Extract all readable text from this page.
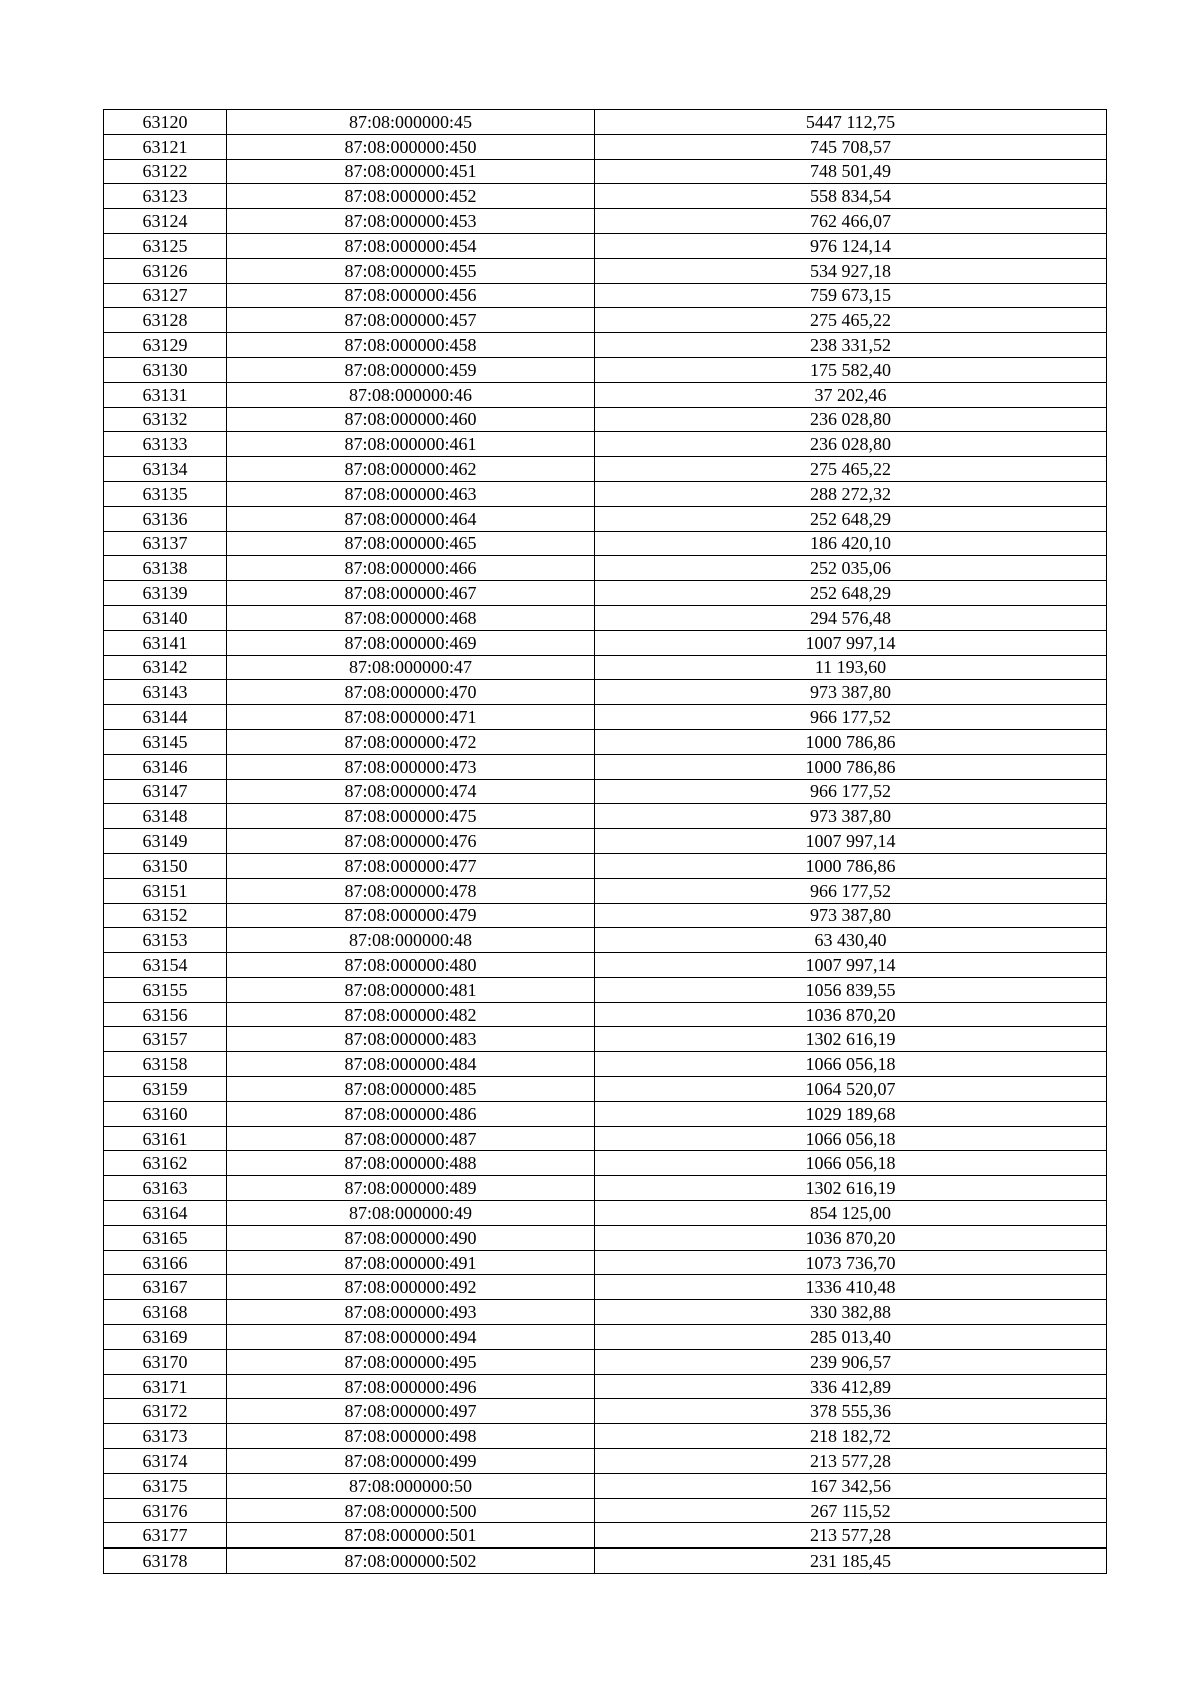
63120	87:08:000000:45	5447 112,75
63121	87:08:000000:450	745 708,57
63122	87:08:000000:451	748 501,49
63123	87:08:000000:452	558 834,54
63124	87:08:000000:453	762 466,07
63125	87:08:000000:454	976 124,14
63126	87:08:000000:455	534 927,18
63127	87:08:000000:456	759 673,15
63128	87:08:000000:457	275 465,22
63129	87:08:000000:458	238 331,52
63130	87:08:000000:459	175 582,40
63131	87:08:000000:46	37 202,46
63132	87:08:000000:460	236 028,80
63133	87:08:000000:461	236 028,80
63134	87:08:000000:462	275 465,22
63135	87:08:000000:463	288 272,32
63136	87:08:000000:464	252 648,29
63137	87:08:000000:465	186 420,10
63138	87:08:000000:466	252 035,06
63139	87:08:000000:467	252 648,29
63140	87:08:000000:468	294 576,48
63141	87:08:000000:469	1007 997,14
63142	87:08:000000:47	11 193,60
63143	87:08:000000:470	973 387,80
63144	87:08:000000:471	966 177,52
63145	87:08:000000:472	1000 786,86
63146	87:08:000000:473	1000 786,86
63147	87:08:000000:474	966 177,52
63148	87:08:000000:475	973 387,80
63149	87:08:000000:476	1007 997,14
63150	87:08:000000:477	1000 786,86
63151	87:08:000000:478	966 177,52
63152	87:08:000000:479	973 387,80
63153	87:08:000000:48	63 430,40
63154	87:08:000000:480	1007 997,14
63155	87:08:000000:481	1056 839,55
63156	87:08:000000:482	1036 870,20
63157	87:08:000000:483	1302 616,19
63158	87:08:000000:484	1066 056,18
63159	87:08:000000:485	1064 520,07
63160	87:08:000000:486	1029 189,68
63161	87:08:000000:487	1066 056,18
63162	87:08:000000:488	1066 056,18
63163	87:08:000000:489	1302 616,19
63164	87:08:000000:49	854 125,00
63165	87:08:000000:490	1036 870,20
63166	87:08:000000:491	1073 736,70
63167	87:08:000000:492	1336 410,48
63168	87:08:000000:493	330 382,88
63169	87:08:000000:494	285 013,40
63170	87:08:000000:495	239 906,57
63171	87:08:000000:496	336 412,89
63172	87:08:000000:497	378 555,36
63173	87:08:000000:498	218 182,72
63174	87:08:000000:499	213 577,28
63175	87:08:000000:50	167 342,56
63176	87:08:000000:500	267 115,52
63177	87:08:000000:501	213 577,28
63178	87:08:000000:502	231 185,45
